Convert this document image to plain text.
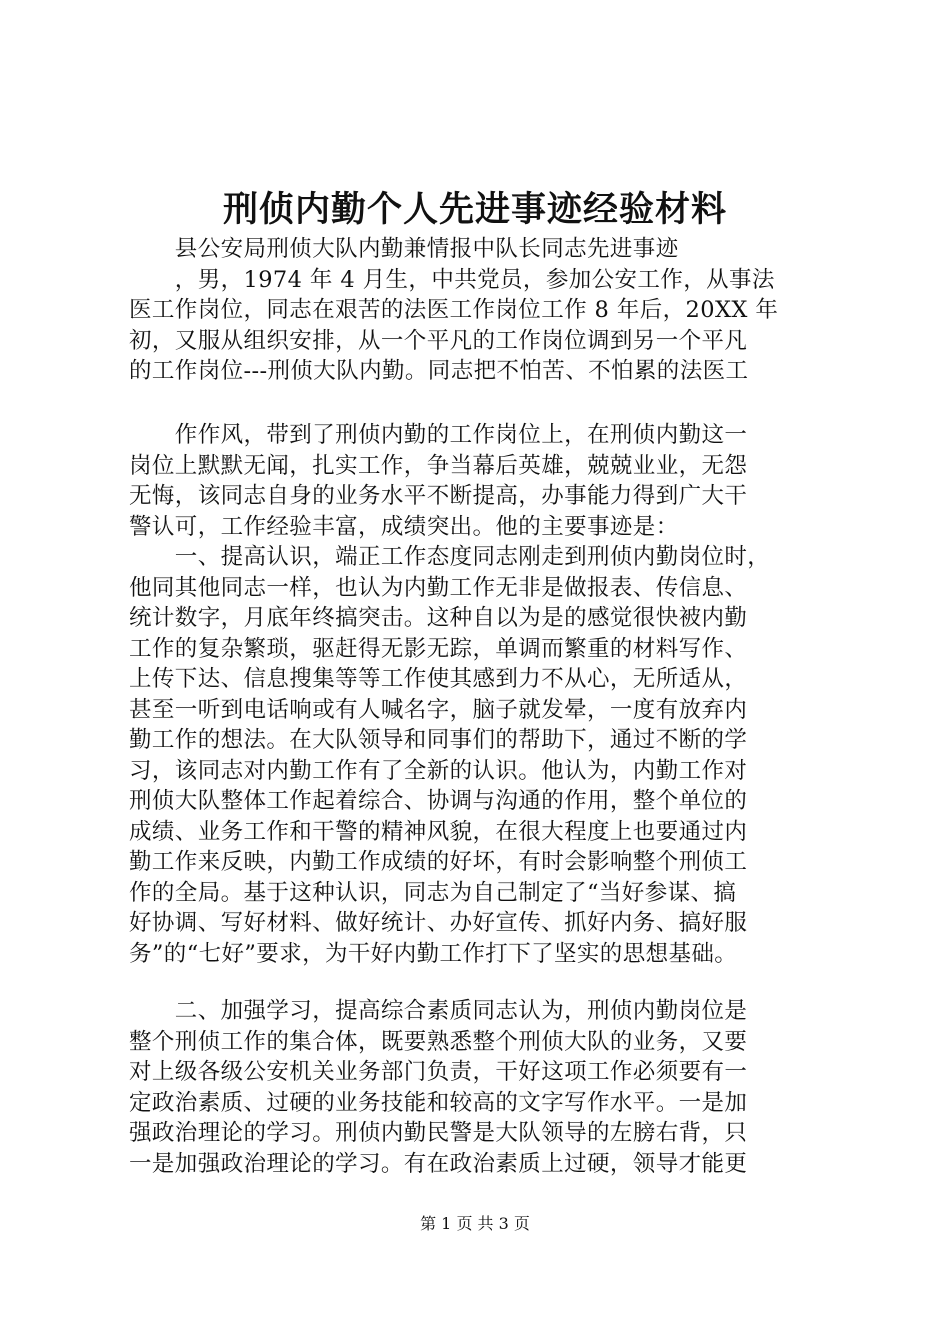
刑侦内勤个人先进事迹经验材料
　　县公安局刑侦大队内勤兼情报中队长同志先进事迹
　　，男，1974 年 4 月生，中共党员，参加公安工作，从事法
医工作岗位，同志在艰苦的法医工作岗位工作 8 年后，20XX 年
初，又服从组织安排，从一个平凡的工作岗位调到另一个平凡
的工作岗位---刑侦大队内勤。同志把不怕苦、不怕累的法医工
　　作作风，带到了刑侦内勤的工作岗位上，在刑侦内勤这一
岗位上默默无闻，扎实工作，争当幕后英雄，兢兢业业，无怨
无悔，该同志自身的业务水平不断提高，办事能力得到广大干
警认可，工作经验丰富，成绩突出。他的主要事迹是：
　　一、提高认识，端正工作态度同志刚走到刑侦内勤岗位时，
他同其他同志一样，也认为内勤工作无非是做报表、传信息、
统计数字，月底年终搞突击。这种自以为是的感觉很快被内勤
工作的复杂繁琐，驱赶得无影无踪，单调而繁重的材料写作、
上传下达、信息搜集等等工作使其感到力不从心，无所适从，
甚至一听到电话响或有人喊名字，脑子就发晕，一度有放弃内
勤工作的想法。在大队领导和同事们的帮助下，通过不断的学
习，该同志对内勤工作有了全新的认识。他认为，内勤工作对
刑侦大队整体工作起着综合、协调与沟通的作用，整个单位的
成绩、业务工作和干警的精神风貌，在很大程度上也要通过内
勤工作来反映，内勤工作成绩的好坏，有时会影响整个刑侦工
作的全局。基于这种认识，同志为自己制定了“当好参谋、搞
好协调、写好材料、做好统计、办好宣传、抓好内务、搞好服
务”的“七好”要求，为干好内勤工作打下了坚实的思想基础。
　　二、加强学习，提高综合素质同志认为，刑侦内勤岗位是
整个刑侦工作的集合体，既要熟悉整个刑侦大队的业务，又要
对上级各级公安机关业务部门负责，干好这项工作必须要有一
定政治素质、过硬的业务技能和较高的文字写作水平。一是加
强政治理论的学习。刑侦内勤民警是大队领导的左膀右背，只
一是加强政治理论的学习。有在政治素质上过硬，领导才能更
第 1 页 共 3 页
